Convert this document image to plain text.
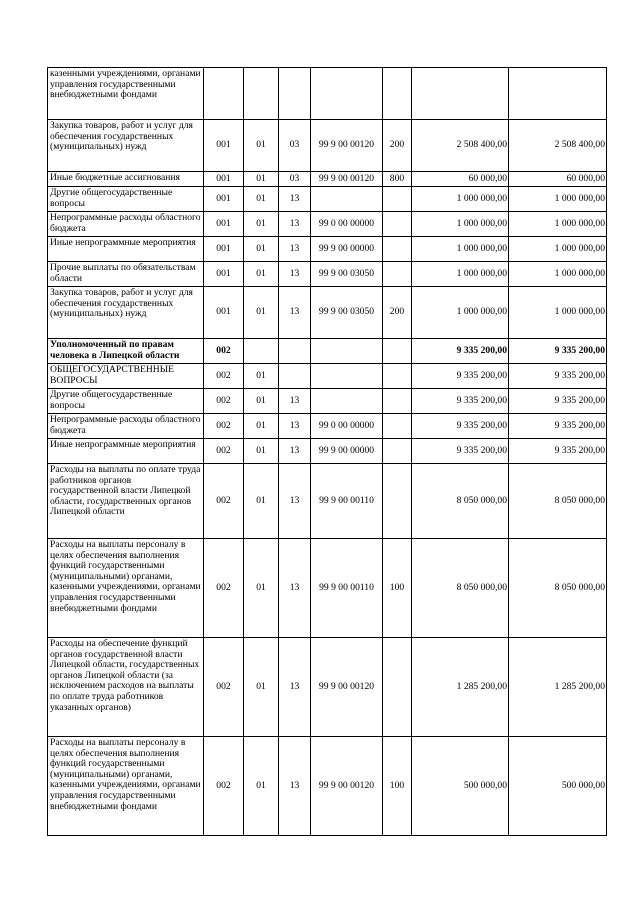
казенными учреждениями, органами управления государственными внебюджетными фондами							
Закупка товаров, работ и услуг для обеспечения государственных (муниципальных) нужд	001	01	03	99 9 00 00120	200	2 508 400,00	2 508 400,00
Иные бюджетные ассигнования	001	01	03	99 9 00 00120	800	60 000,00	60 000,00
Другие общегосударственные вопросы	001	01	13			1 000 000,00	1 000 000,00
Непрограммные расходы областного бюджета	001	01	13	99 0 00 00000		1 000 000,00	1 000 000,00
Иные непрограммные мероприятия	001	01	13	99 9 00 00000		1 000 000,00	1 000 000,00
Прочие выплаты по обязательствам области	001	01	13	99 9 00 03050		1 000 000,00	1 000 000,00
Закупка товаров, работ и услуг для обеспечения государственных (муниципальных) нужд	001	01	13	99 9 00 03050	200	1 000 000,00	1 000 000,00
Уполномоченный по правам человека в Липецкой области	002					9 335 200,00	9 335 200,00
ОБЩЕГОСУДАРСТВЕННЫЕ ВОПРОСЫ	002	01				9 335 200,00	9 335 200,00
Другие общегосударственные вопросы	002	01	13			9 335 200,00	9 335 200,00
Непрограммные расходы областного бюджета	002	01	13	99 0 00 00000		9 335 200,00	9 335 200,00
Иные непрограммные мероприятия	002	01	13	99 9 00 00000		9 335 200,00	9 335 200,00
Расходы на выплаты по оплате труда работников органов государственной власти Липецкой области, государственных органов Липецкой области	002	01	13	99 9 00 00110		8 050 000,00	8 050 000,00
Расходы на выплаты персоналу в целях обеспечения выполнения функций государственными (муниципальными) органами, казенными учреждениями, органами управления государственными внебюджетными фондами	002	01	13	99 9 00 00110	100	8 050 000,00	8 050 000,00
Расходы на обеспечение функций органов государственной власти Липецкой области, государственных органов Липецкой области (за исключением расходов на выплаты по оплате труда работников указанных органов)	002	01	13	99 9 00 00120		1 285 200,00	1 285 200,00
Расходы на выплаты персоналу в целях обеспечения выполнения функций государственными (муниципальными) органами, казенными учреждениями, органами управления государственными внебюджетными фондами	002	01	13	99 9 00 00120	100	500 000,00	500 000,00
